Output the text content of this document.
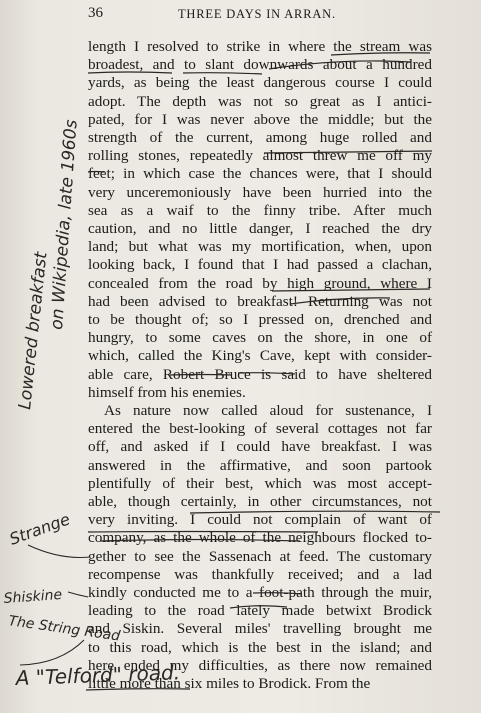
36	THREE DAYS IN ARRAN.
length I resolved to strike in where the stream was
broadest, and to slant downwards about a hundred
yards, as being the least dangerous course I could
adopt. The depth was not so great as I antici-
pated, for I was never above the middle; but the
strength of the current, among huge rolled and
rolling stones, repeatedly almost threw me off my
feet; in which case the chances were, that I should
very unceremoniously have been hurried into the
sea as a waif to the finny tribe. After much
caution, and no little danger, I reached the dry
land; but what was my mortification, when, upon
looking back, I found that I had passed a clachan,
concealed from the road by high ground, where I
had been advised to breakfast! Returning was not
to be thought of; so I pressed on, drenched and
hungry, to some caves on the shore, in one of
which, called the King's Cave, kept with consider-
able care, Robert Bruce is said to have sheltered
himself from his enemies.
As nature now called aloud for sustenance, I
entered the best-looking of several cottages not far
off, and asked if I could have breakfast. I was
answered in the affirmative, and soon partook
plentifully of their best, which was most accept-
able, though certainly, in other circumstances, not
very inviting. I could not complain of want of
company, as the whole of the neighbours flocked to-
gether to see the Sassenach at feed. The customary
recompense was thankfully received; and a lad
kindly conducted me to a foot-path through the muir,
leading to the road lately made betwixt Brodick
and Siskin. Several miles' travelling brought me
to this road, which is the best in the island; and
here ended my difficulties, as there now remained
little more than six miles to Brodick. From the
on Wikipedia, late 1960s
Lowered breakfast
Strange
Shiskine
The String Road
A "Telford" road.
